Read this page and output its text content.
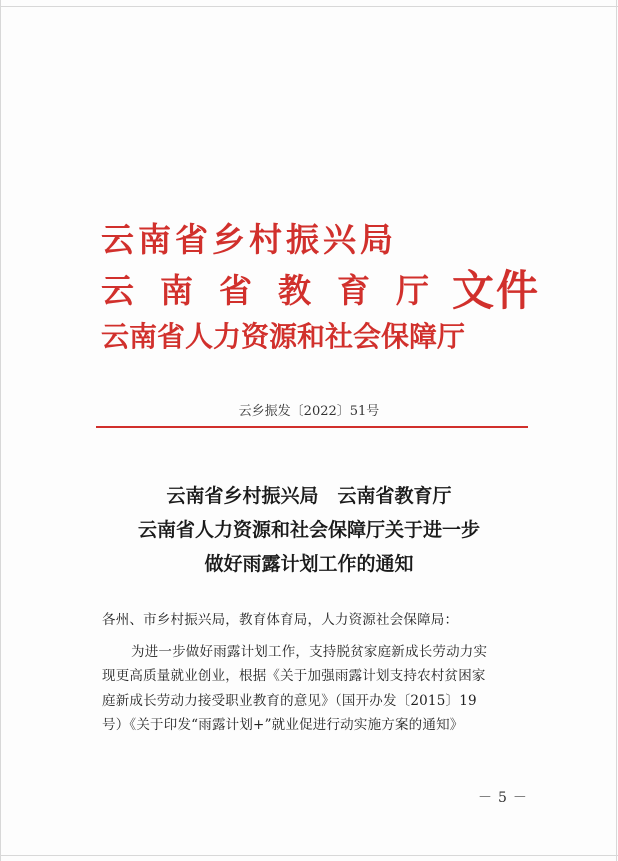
云南省乡村振兴局
云南省教育厅
云南省人力资源和社会保障厅
文件
云乡振发〔2022〕51号
云南省乡村振兴局　云南省教育厅
云南省人力资源和社会保障厅关于进一步
做好雨露计划工作的通知
各州、市乡村振兴局，教育体育局，人力资源社会保障局：
为进一步做好雨露计划工作，支持脱贫家庭新成长劳动力实
现更高质量就业创业，根据《关于加强雨露计划支持农村贫困家
庭新成长劳动力接受职业教育的意见》（国开办发〔2015〕19
号）《关于印发“雨露计划+”就业促进行动实施方案的通知》
－5－
